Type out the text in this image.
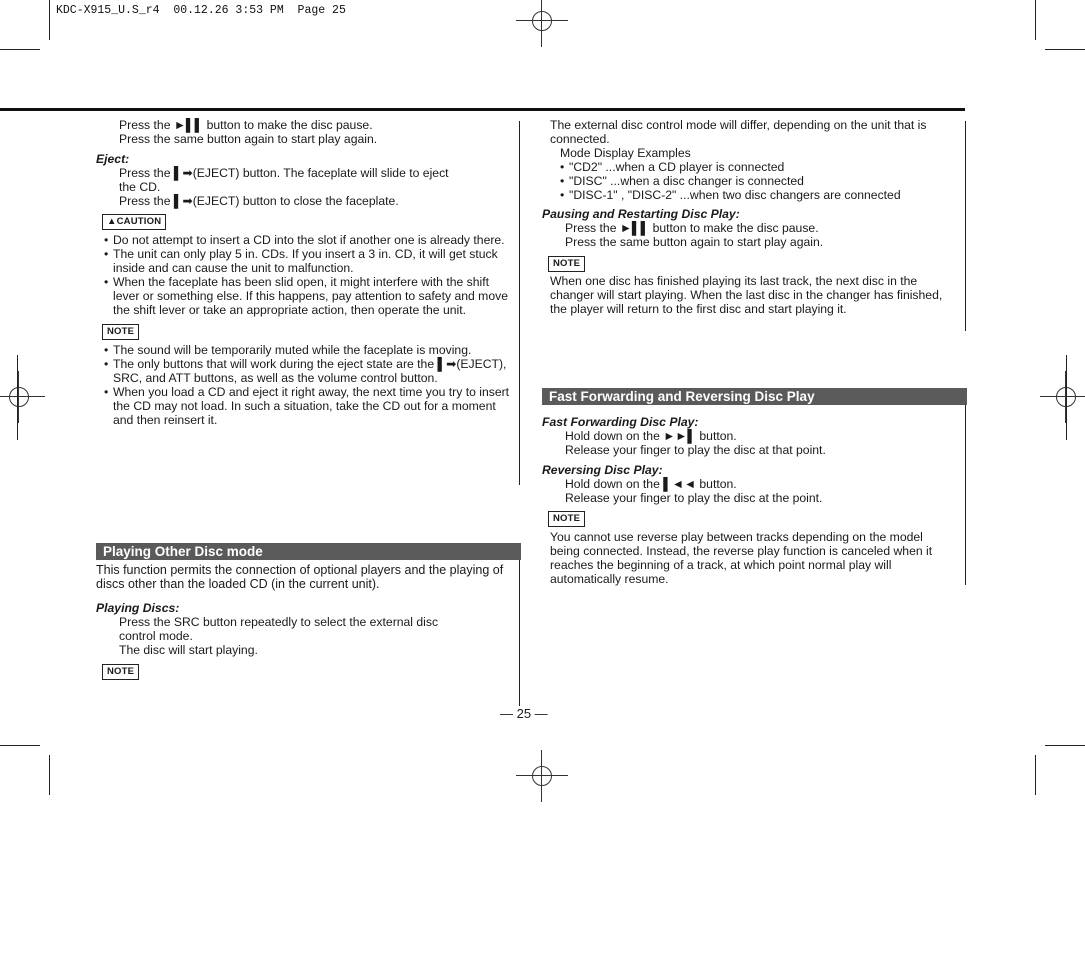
KDC-X915_U.S_r4  00.12.26 3:53 PM  Page 25

Press the ►▌▌ button to make the disc pause.

Press the same button again to start play again.

Eject:

Press the ▌➡(EJECT) button. The faceplate will slide to eject

the CD.

Press the ▌➡(EJECT) button to close the faceplate.

▲CAUTION
• Do not attempt to insert a CD into the slot if another one is already there.
• The unit can only play 5 in. CDs. If you insert a 3 in. CD, it will get stuck inside and can cause the unit to malfunction.
• When the faceplate has been slid open, it might interfere with the shift lever or something else. If this happens, pay attention to safety and move the shift lever or take an appropriate action, then operate the unit.
NOTE
• The sound will be temporarily muted while the faceplate is moving.
• The only buttons that will work during the eject state are the ▌➡(EJECT), SRC, and ATT buttons, as well as the volume control button.
• When you load a CD and eject it right away, the next time you try to insert the CD may not load. In such a situation, take the CD out for a moment and then reinsert it.
Playing Other Disc mode

This function permits the connection of optional players and the playing of discs other than the loaded CD (in the current unit).

Playing Discs:

Press the SRC button repeatedly to select the external disc

control mode.

The disc will start playing.

NOTE

The external disc control mode will differ, depending on the unit that is connected.

Mode Display Examples

• "CD2" ...when a CD player is connected
• "DISC" ...when a disc changer is connected
• "DISC-1" , "DISC-2" ...when two disc changers are connected

Pausing and Restarting Disc Play:

Press the ►▌▌ button to make the disc pause.

Press the same button again to start play again.

NOTE

When one disc has finished playing its last track, the next disc in the changer will start playing. When the last disc in the changer has finished, the player will return to the first disc and start playing it.

Fast Forwarding and Reversing Disc Play

Fast Forwarding Disc Play:

Hold down on the ►►▌ button.

Release your finger to play the disc at that point.

Reversing Disc Play:

Hold down on the ▌◄◄ button.

Release your finger to play the disc at the point.

NOTE

You cannot use reverse play between tracks depending on the model being connected. Instead, the reverse play function is canceled when it reaches the beginning of a track, at which point normal play will automatically resume.

— 25 —
